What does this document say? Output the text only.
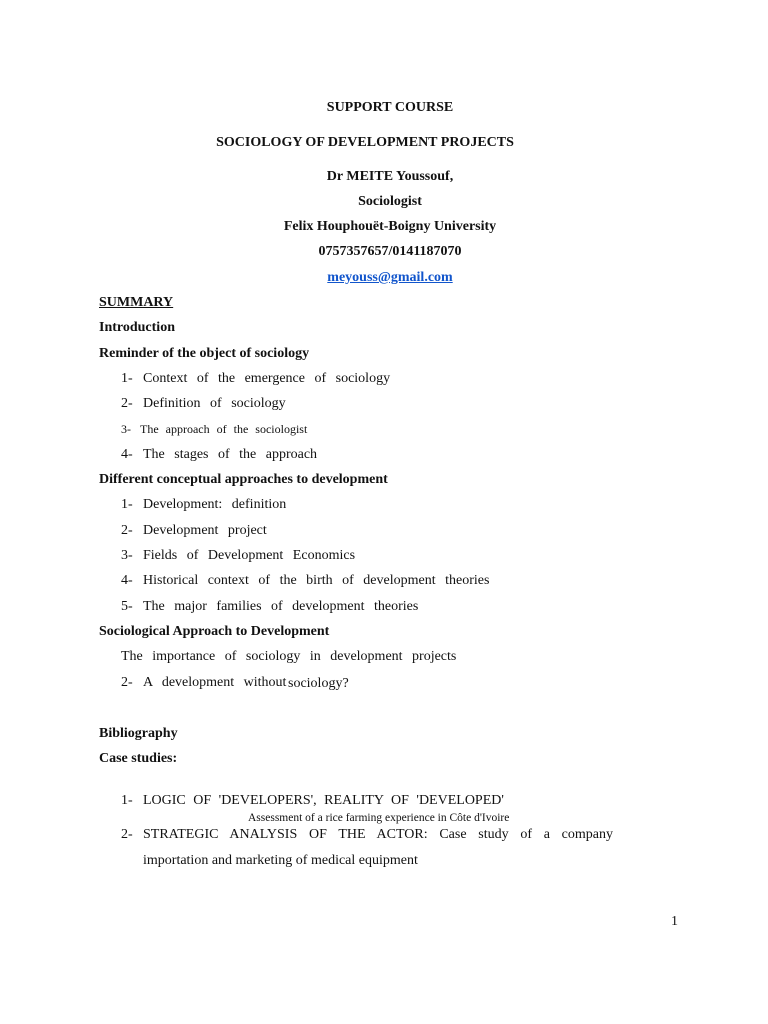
SUPPORT COURSE
SOCIOLOGY OF DEVELOPMENT PROJECTS
Dr MEITE Youssouf,
Sociologist
Felix Houphouët-Boigny University
0757357657/0141187070
meyouss@gmail.com
SUMMARY
Introduction
Reminder of the object of sociology
1- Context of the emergence of sociology
2- Definition of sociology
3- The approach of the sociologist
4- The stages of the approach
Different conceptual approaches to development
1- Development: definition
2- Development project
3- Fields of Development Economics
4- Historical context of the birth of development theories
5- The major families of development theories
Sociological Approach to Development
The importance of sociology in development projects
2- A development without sociology?
Bibliography
Case studies:
1- LOGIC OF 'DEVELOPERS', REALITY OF 'DEVELOPED'
Assessment of a rice farming experience in Côte d'Ivoire
2- STRATEGIC ANALYSIS OF THE ACTOR: Case study of a company
importation and marketing of medical equipment
1
